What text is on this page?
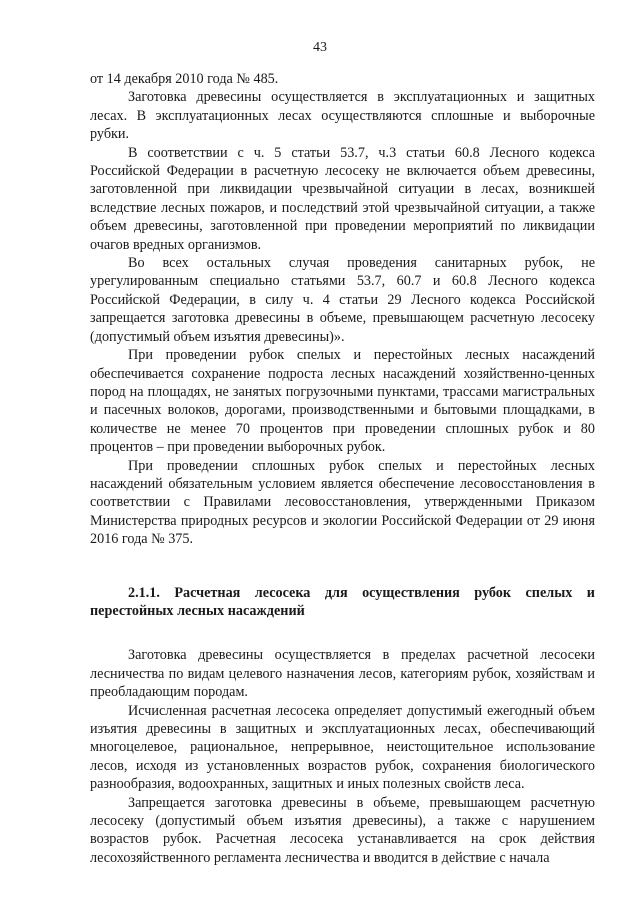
43

от 14 декабря 2010 года № 485.

Заготовка древесины осуществляется в эксплуатационных и защитных лесах. В эксплуатационных лесах осуществляются сплошные и выборочные рубки.

В соответствии с ч. 5 статьи 53.7, ч.3 статьи 60.8 Лесного кодекса Российской Федерации в расчетную лесосеку не включается объем древесины, заготовленной при ликвидации чрезвычайной ситуации в лесах, возникшей вследствие лесных пожаров, и последствий этой чрезвычайной ситуации, а также объем древесины, заготовленной при проведении мероприятий по ликвидации очагов вредных организмов.

Во всех остальных случая проведения санитарных рубок, не урегулированным специально статьями 53.7, 60.7 и 60.8 Лесного кодекса Российской Федерации, в силу ч. 4 статьи 29 Лесного кодекса Российской запрещается заготовка древесины в объеме, превышающем расчетную лесосеку (допустимый объем изъятия древесины)».

При проведении рубок спелых и перестойных лесных насаждений обеспечивается сохранение подроста лесных насаждений хозяйственно-ценных пород на площадях, не занятых погрузочными пунктами, трассами магистральных и пасечных волоков, дорогами, производственными и бытовыми площадками, в количестве не менее 70 процентов при проведении сплошных рубок и 80 процентов – при проведении выборочных рубок.

При проведении сплошных рубок спелых и перестойных лесных насаждений обязательным условием является обеспечение лесовосстановления в соответствии с Правилами лесовосстановления, утвержденными Приказом Министерства природных ресурсов и экологии Российской Федерации от 29 июня 2016 года № 375.

2.1.1. Расчетная лесосека для осуществления рубок спелых и перестойных лесных насаждений

Заготовка древесины осуществляется в пределах расчетной лесосеки лесничества по видам целевого назначения лесов, категориям рубок, хозяйствам и преобладающим породам.

Исчисленная расчетная лесосека определяет допустимый ежегодный объем изъятия древесины в защитных и эксплуатационных лесах, обеспечивающий многоцелевое, рациональное, непрерывное, неистощительное использование лесов, исходя из установленных возрастов рубок, сохранения биологического разнообразия, водоохранных, защитных и иных полезных свойств леса.

Запрещается заготовка древесины в объеме, превышающем расчетную лесосеку (допустимый объем изъятия древесины), а также с нарушением возрастов рубок. Расчетная лесосека устанавливается на срок действия лесохозяйственного регламента лесничества и вводится в действие с начала
